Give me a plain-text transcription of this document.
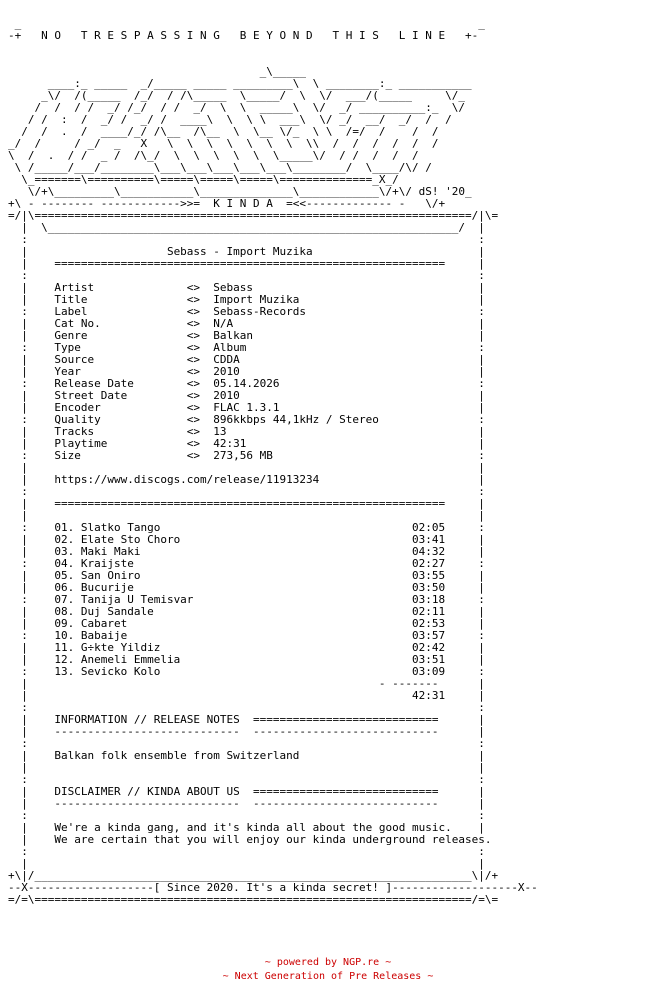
_                                                                     _
-+   N O   T R E S P A S S I N G   B E Y O N D   T H I S   L I N E   +-

_\_____
____:_ _____  _/_____ _____ _________\  \ ________:_ ___________
_\/  /(_____  /_/  / /\_____  \_____/  \  \/  ___/(_____     \/_
/  /  / /  _/ /_/  / /  _/  \  \  _____\  \/  _/ __________:_  \/
/ /  :  /  _/ /  _/ /  ____\  \  \ \  ___\  \/ _/  __/  _/  /  /
/  /  .  /  ____/_/ /\__  /\__  \  \__ \/_  \ \  /=/  /    /  /
_/  /     / _/  _   X   \  \  \  \  \  \  \  \\  /  /  /  /  /  /
\  /  .  / /  _ /  /\_/  \  \  \  \  \  \_____\/  / /  /  /  /
\ /_____/___/________\___\___\___\___\___\________/  \____/\/ /
\_=======\==========\=====\=====\=====\==============_X_/
\/+\_________\___________\______________\____________\/+\/ dS! '20_
+\ - -------- ------------>>=  K I N D A  =<<------------- -   \/+
=/|\==================================================================/|\=
|  \______________________________________________________________/  |
:                                                                    :
|                     Sebass - Import Muzika                         |
|    ===========================================================     |
:                                                                    :
|    Artist              <>  Sebass                                  |
|    Title               <>  Import Muzika                           |
:    Label               <>  Sebass-Records                          :
|    Cat No.             <>  N/A                                     |
|    Genre               <>  Balkan                                  |
:    Type                <>  Album                                   :
|    Source              <>  CDDA                                    |
|    Year                <>  2010                                    |
:    Release Date        <>  05.14.2026                              :
|    Street Date         <>  2010                                    |
|    Encoder             <>  FLAC 1.3.1                              |
:    Quality             <>  896kkbps 44,1kHz / Stereo               :
|    Tracks              <>  13                                      |
|    Playtime            <>  42:31                                   |
:    Size                <>  273,56 MB                               :
|                                                                    |
|    https://www.discogs.com/release/11913234                        |
:                                                                    :
|    ===========================================================     |
|                                                                    |
:    01. Slatko Tango                                      02:05     :
|    02. Elate Sto Choro                                   03:41     |
|    03. Maki Maki                                         04:32     |
:    04. Kraijste                                          02:27     :
|    05. San Oniro                                         03:55     |
|    06. Bucurije                                          03:50     |
:    07. Tanija U Temisvar                                 03:18     :
|    08. Duj Sandale                                       02:11     |
|    09. Cabaret                                           02:53     |
:    10. Babaije                                           03:57     :
|    11. G÷kte Yildiz                                      02:42     |
|    12. Anemeli Emmelia                                   03:51     |
:    13. Sevicko Kolo                                      03:09     :
|                                                     - -------      |
|                                                          42:31     |
:                                                                    :
|    INFORMATION // RELEASE NOTES  ============================      |
|    ----------------------------  ----------------------------      |
:                                                                    :
|    Balkan folk ensemble from Switzerland                           |
|                                                                    |
:                                                                    :
|    DISCLAIMER // KINDA ABOUT US  ============================      |
|    ----------------------------  ----------------------------      |
:                                                                    :
|    We're a kinda gang, and it's kinda all about the good music.    |
|    We are certain that you will enjoy our kinda underground releases.
:                                                                    :
|                                                                    |
+\|/__________________________________________________________________\|/+
--X-------------------[ Since 2020. It's a kinda secret! ]-------------------X--
=/=\==================================================================/=\=
~ powered by NGP.re ~
~ Next Generation of Pre Releases ~
